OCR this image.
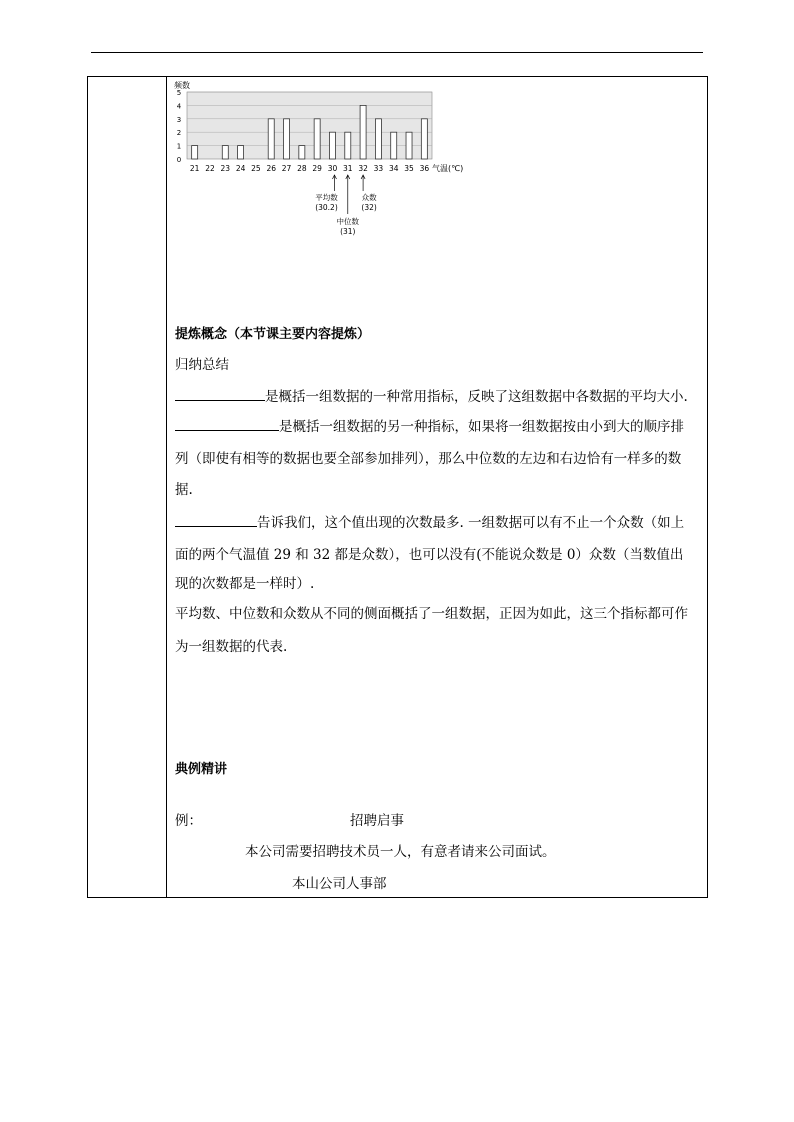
频数
0
1
2
3
4
5
21 22 23 24 25 26 27 28 29 30 31 32 33 34 35 36 气温(℃)
平均数
(30.2)
众数
(32)
中位数
(31)
提炼概念（本节课主要内容提炼）
归纳总结
是概括一组数据的一种常用指标，反映了这组数据中各数据的平均大小.
是概括一组数据的另一种指标，如果将一组数据按由小到大的顺序排
列（即使有相等的数据也要全部参加排列），那么中位数的左边和右边恰有一样多的数
据.
告诉我们，这个值出现的次数最多. 一组数据可以有不止一个众数（如上
面的两个气温值 29 和 32 都是众数），也可以没有(不能说众数是 0）众数（当数值出
现的次数都是一样时）.
平均数、中位数和众数从不同的侧面概括了一组数据，正因为如此，这三个指标都可作
为一组数据的代表.
典例精讲
例：	招聘启事
本公司需要招聘技术员一人，有意者请来公司面试。
本山公司人事部
